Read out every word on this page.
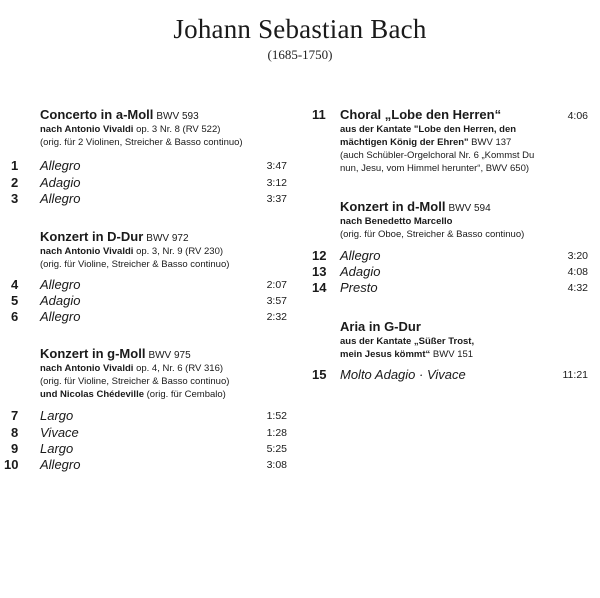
Johann Sebastian Bach
(1685-1750)
Concerto in a-Moll BWV 593
nach Antonio Vivaldi op. 3 Nr. 8 (RV 522)
(orig. für 2 Violinen, Streicher & Basso continuo)
1	Allegro	3:47
2	Adagio	3:12
3	Allegro	3:37
Konzert in D-Dur BWV 972
nach Antonio Vivaldi op. 3, Nr. 9 (RV 230)
(orig. für Violine, Streicher & Basso continuo)
4	Allegro	2:07
5	Adagio	3:57
6	Allegro	2:32
Konzert in g-Moll BWV 975
nach Antonio Vivaldi op. 4, Nr. 6 (RV 316)
(orig. für Violine, Streicher & Basso continuo)
und Nicolas Chédeville (orig. für Cembalo)
7	Largo	1:52
8	Vivace	1:28
9	Largo	5:25
10	Allegro	3:08
11	Choral „Lobe den Herren“	4:06
aus der Kantate "Lobe den Herren, den
mächtigen König der Ehren" BWV 137
(auch Schübler-Orgelchoral Nr. 6 „Kommst Du
nun, Jesu, vom Himmel herunter“, BWV 650)
Konzert in d-Moll BWV 594
nach Benedetto Marcello
(orig. für Oboe, Streicher & Basso continuo)
12	Allegro	3:20
13	Adagio	4:08
14	Presto	4:32
Aria in G-Dur
aus der Kantate „Süßer Trost,
mein Jesus kömmt“ BWV 151
15	Molto Adagio · Vivace	11:21
